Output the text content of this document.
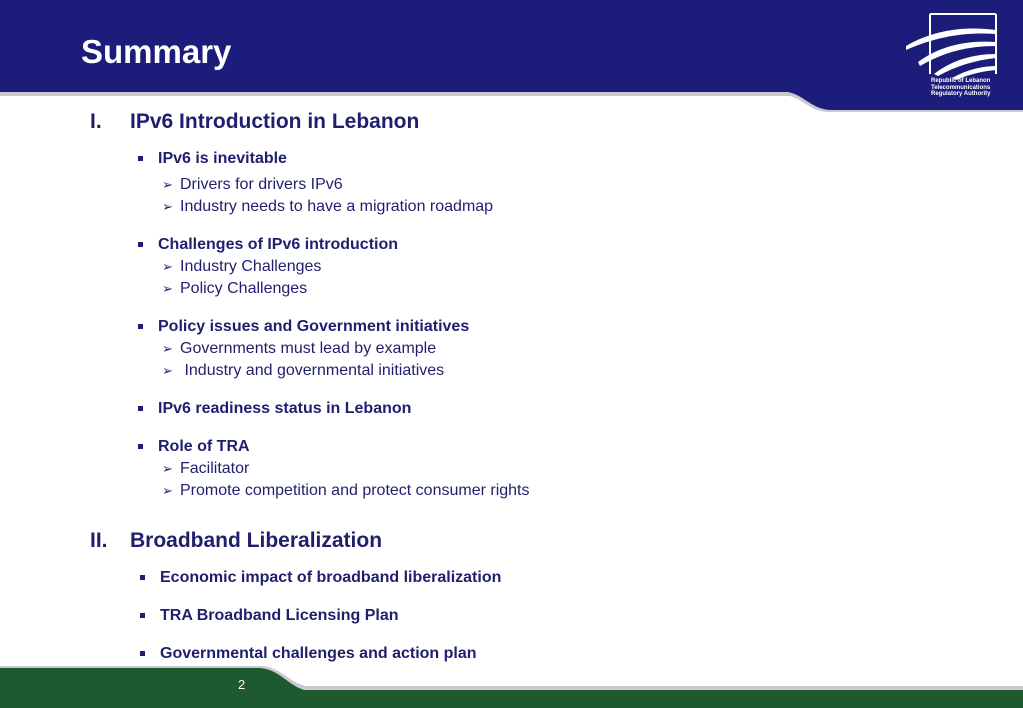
Summary
Republic of Lebanon
Telecommunications
Regulatory Authority
I. IPv6 Introduction in Lebanon
IPv6 is inevitable
➢ Drivers for drivers IPv6
➢ Industry needs to have a migration roadmap
Challenges of IPv6 introduction
➢ Industry Challenges
➢ Policy Challenges
Policy issues and Government initiatives
➢ Governments must lead by example
➢ Industry and governmental initiatives
IPv6 readiness status in Lebanon
Role of TRA
➢ Facilitator
➢ Promote competition and protect consumer rights
II. Broadband Liberalization
Economic impact of broadband liberalization
TRA Broadband Licensing Plan
Governmental challenges and action plan
2
